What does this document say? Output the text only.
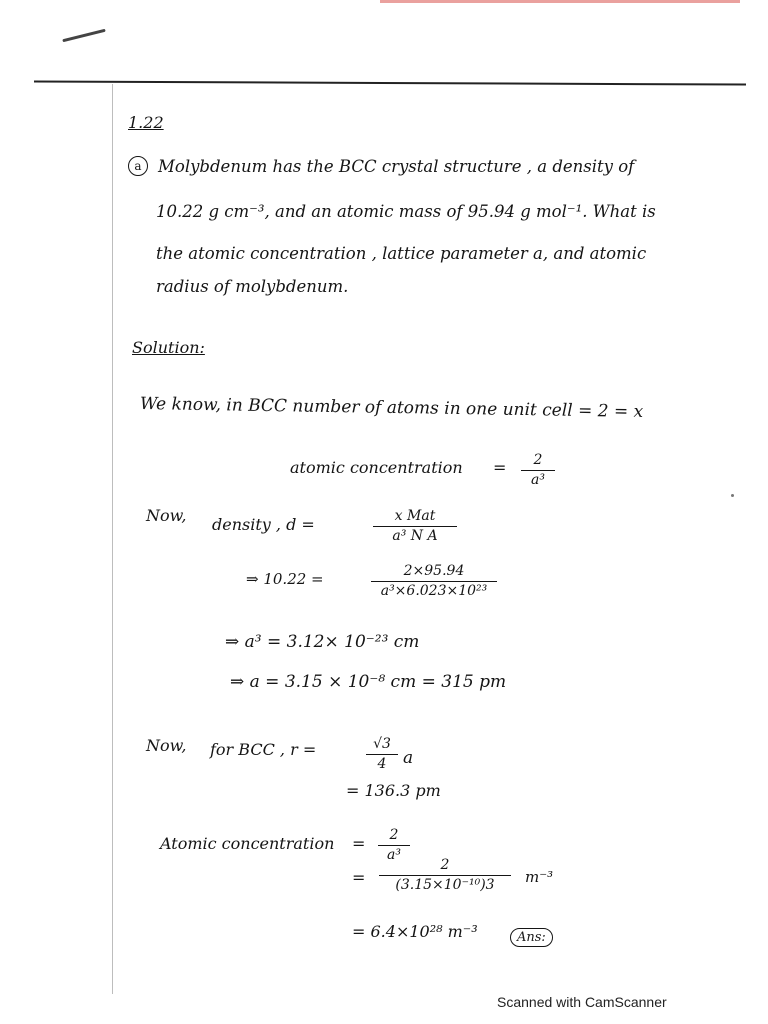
1.22
a Molybdenum has the BCC crystal structure , a density of
10.22 g cm⁻³, and an atomic mass of 95.94 g mol⁻¹. What is
the atomic concentration , lattice parameter a, and atomic
radius of molybdenum.
Solution:
We know, in BCC number of atoms in one unit cell = 2 = x
atomic concentration = $\frac{2}{\text{a³}}$
Now, density , d =	x Mat
a³ N A
⇒ 10.22 =	$\frac{2\times 95.94}{\text{a³×6.023×10²³}}$
⇒ a³ = 3.12× 10⁻²³ cm
⇒ a = 3.15 × 10⁻⁸ cm = 315 pm
Now, for BCC , r =	$\frac{√3}{4}$ a
= 136.3 pm
Atomic concentration = $\frac{2}{\text{a³}}$
= $\frac{2}{\text{(3.15×10⁻¹⁰)3}} m^{-3}$
= 6.4×10²⁸ m⁻³	Ans:
Scanned with CamScanner
